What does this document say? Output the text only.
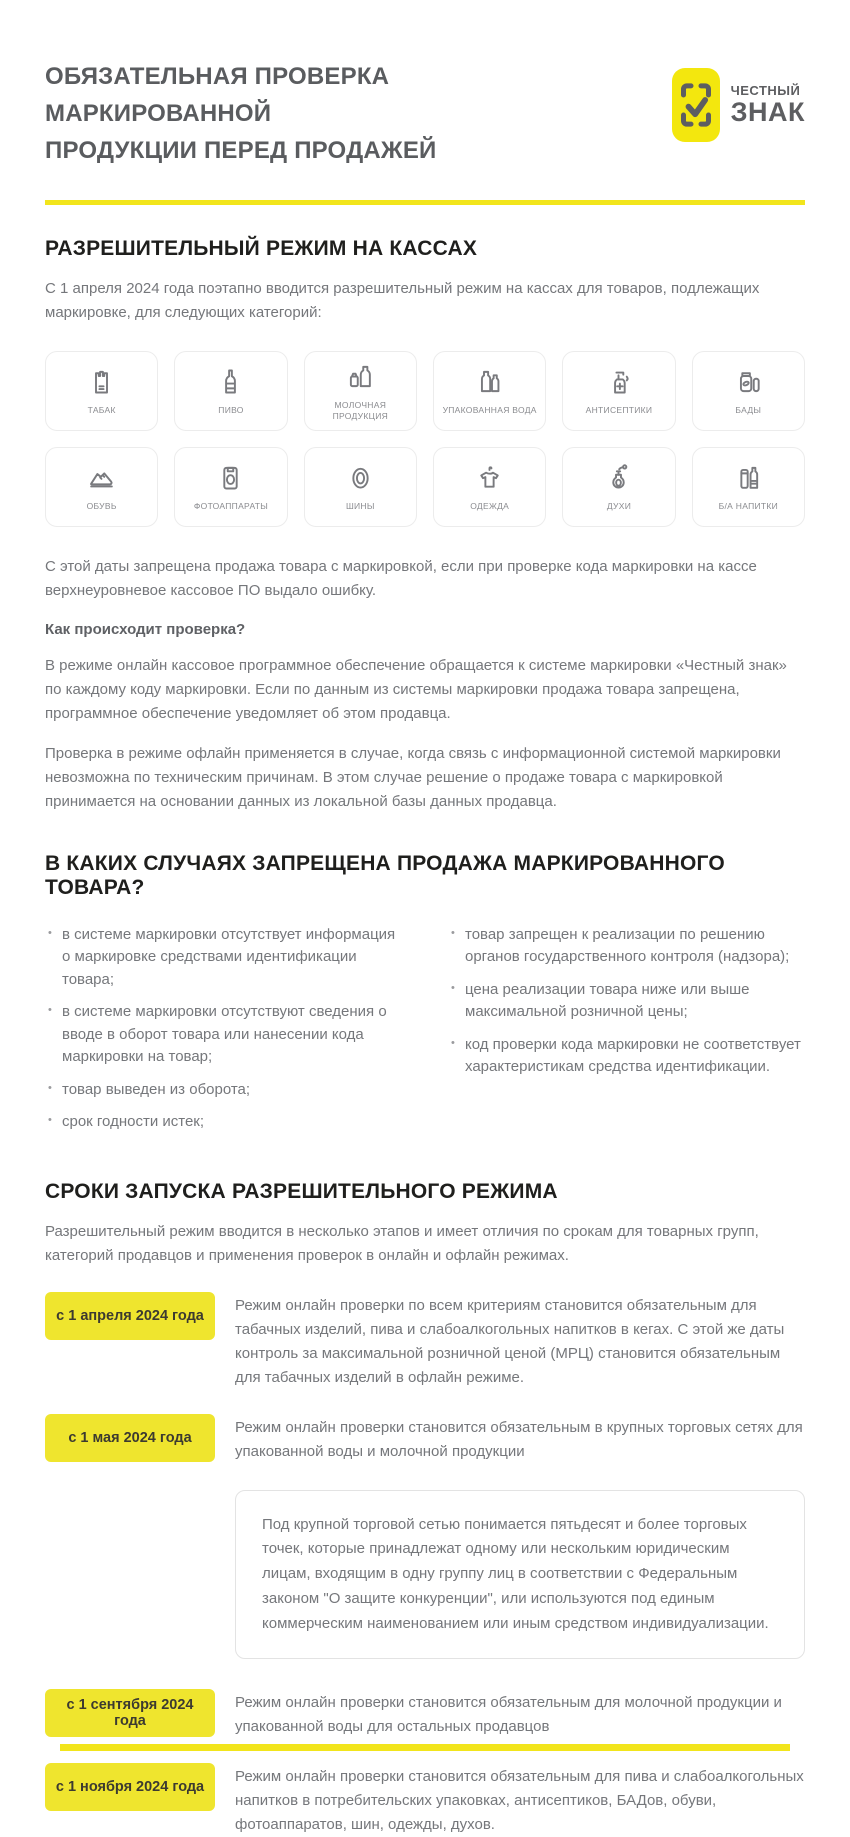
ОБЯЗАТЕЛЬНАЯ ПРОВЕРКА МАРКИРОВАННОЙ
ПРОДУКЦИИ ПЕРЕД ПРОДАЖЕЙ
ЧЕСТНЫЙ
ЗНАК
РАЗРЕШИТЕЛЬНЫЙ РЕЖИМ НА КАССАХ

С 1 апреля 2024 года поэтапно вводится разрешительный режим на кассах для товаров, подлежащих маркировке, для следующих категорий:

ТАБАК	ПИВО
МОЛОЧНАЯ ПРОДУКЦИЯ
УПАКОВАННАЯ ВОДА	АНТИСЕПТИКИ	БАДЫ
ОБУВЬ	ФОТОАППАРАТЫ	ШИНЫ	ОДЕЖДА	ДУХИ	Б/А НАПИТКИ

С этой даты запрещена продажа товара с маркировкой, если при проверке кода маркировки на кассе верхнеуровневое кассовое ПО выдало ошибку.

Как происходит проверка?

В режиме онлайн кассовое программное обеспечение обращается к системе маркировки «Честный знак» по каждому коду маркировки. Если по данным из системы маркировки продажа товара запрещена, программное обеспечение уведомляет об этом продавца.

Проверка в режиме офлайн применяется в случае, когда связь с информационной системой маркировки невозможна по техническим причинам. В этом случае решение о продаже товара с маркировкой принимается на основании данных из локальной базы данных продавца.

В КАКИХ СЛУЧАЯХ ЗАПРЕЩЕНА ПРОДАЖА МАРКИРОВАННОГО ТОВАРА?
• в системе маркировки отсутствует информация о маркировке средствами идентификации товара;
• в системе маркировки отсутствуют сведения о вводе в оборот товара или нанесении кода маркировки на товар;
• товар выведен из оборота;
• срок годности истек;
• товар запрещен к реализации по решению органов государственного контроля (надзора);
• цена реализации товара ниже или выше максимальной розничной цены;
• код проверки кода маркировки не соответствует характеристикам средства идентификации.
СРОКИ ЗАПУСКА РАЗРЕШИТЕЛЬНОГО РЕЖИМА

Разрешительный режим вводится в несколько этапов и имеет отличия по срокам для товарных групп, категорий продавцов и применения проверок в онлайн и офлайн режимах.

с 1 апреля 2024 года
Режим онлайн проверки по всем критериям становится обязательным для табачных изделий, пива и слабоалкогольных напитков в кегах. С этой же даты контроль за максимальной розничной ценой (МРЦ) становится обязательным для табачных изделий в офлайн режиме.
с 1 мая 2024 года
Режим онлайн проверки становится обязательным в крупных торговых сетях для упакованной воды и молочной продукции
Под крупной торговой сетью понимается пятьдесят и более торговых точек, которые принадлежат одному или нескольким юридическим лицам, входящим в одну группу лиц в соответствии с Федеральным законом "О защите конкуренции", или используются под единым коммерческим наименованием или иным средством индивидуализации.
с 1 сентября 2024 года
Режим онлайн проверки становится обязательным для молочной продукции и упакованной воды для остальных продавцов
с 1 ноября 2024 года
Режим онлайн проверки становится обязательным для пива и слабоалкогольных напитков в потребительских упаковках, антисептиков, БАДов, обуви, фотоаппаратов, шин, одежды, духов.
